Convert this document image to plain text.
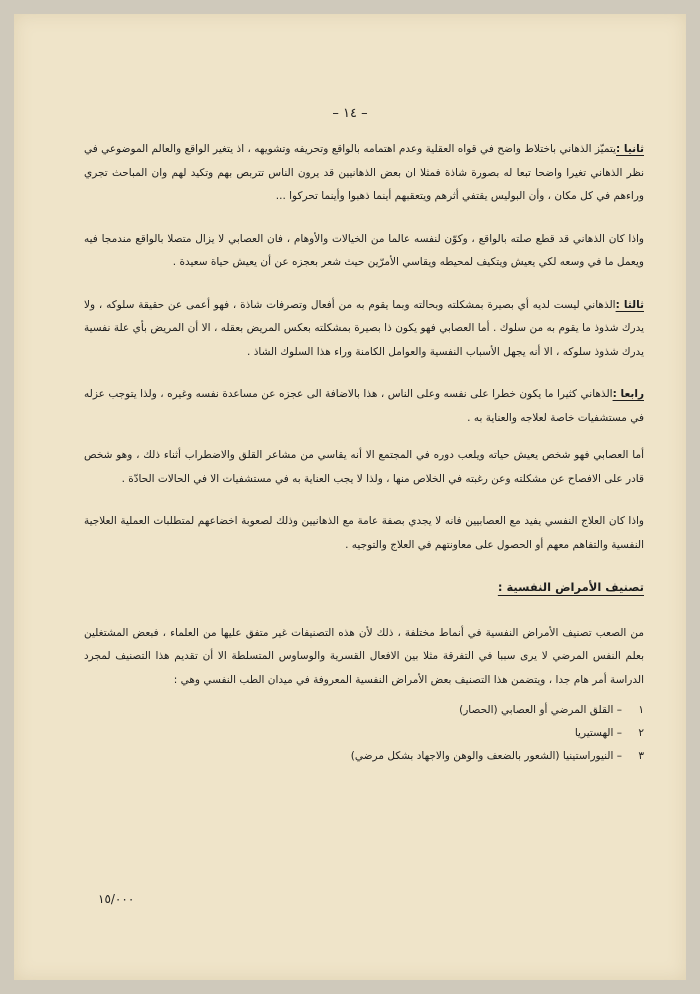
– ١٤ –

ثانيا :يتميّز الذهاني باختلاط واضح في قواه العقلية وعدم اهتمامه بالواقع وتحريفه وتشويهه ، اذ يتغير الواقع والعالم الموضوعي في نظر الذهاني تغيرا واضحا تبعا له بصورة شاذة فمثلا ان بعض الذهانيين قد يرون الناس تتربص بهم وتكيد لهم وان المباحث تجري وراءهم في كل مكان ، وأن البوليس يقتفي أثرهم ويتعقبهم أينما ذهبوا وأينما تحركوا ...

واذا كان الذهاني قد قطع صلته بالواقع ، وكوّن لنفسه عالما من الخيالات والأوهام ، فان العصابي لا يزال متصلا بالواقع مندمجا فيه ويعمل ما في وسعه لكي يعيش ويتكيف لمحيطه ويقاسي الأمرّين حيث شعر بعجزه عن أن يعيش حياة سعيدة .

ثالثا :الذهاني ليست لديه أي بصيرة بمشكلته وبحالته وبما يقوم به من أفعال وتصرفات شاذة ، فهو أعمى عن حقيقة سلوكه ، ولا يدرك شذوذ ما يقوم به من سلوك . أما العصابي فهو يكون ذا بصيرة بمشكلته بعكس المريض بعقله ، الا أن المريض بأي علة نفسية يدرك شذوذ سلوكه ، الا أنه يجهل الأسباب النفسية والعوامل الكامنة وراء هذا السلوك الشاذ .

رابعا :الذهاني كثيرا ما يكون خطرا على نفسه وعلى الناس ، هذا بالاضافة الى عجزه عن مساعدة نفسه وغيره ، ولذا يتوجب عزله في مستشفيات خاصة لعلاجه والعناية به .

أما العصابي فهو شخص يعيش حياته ويلعب دوره في المجتمع الا أنه يقاسي من مشاعر القلق والاضطراب أثناء ذلك ، وهو شخص قادر على الافصاح عن مشكلته وعن رغبته في الخلاص منها ، ولذا لا يجب العناية به في مستشفيات الا في الحالات الحادّة .

واذا كان العلاج النفسي يفيد مع العصابيين فانه لا يجدي بصفة عامة مع الذهانيين وذلك لصعوبة اخضاعهم لمتطلبات العملية العلاجية النفسية والتفاهم معهم أو الحصول على معاونتهم في العلاج والتوجيه .

تصنيف الأمراض النفسية :

من الصعب تصنيف الأمراض النفسية في أنماط مختلفة ، ذلك لأن هذه التصنيفات غير متفق عليها من العلماء ، فبعض المشتغلين بعلم النفس المرضي لا يرى سببا في التفرقة مثلا بين الافعال القسرية والوساوس المتسلطة الا أن تقديم هذا التصنيف لمجرد الدراسة أمر هام جدا ، ويتضمن هذا التصنيف بعض الأمراض النفسية المعروفة في ميدان الطب النفسي وهي :

١– القلق المرضي أو العصابي (الحصار)
٢– الهستيريا
٣– النيوراستينيا (الشعور بالضعف والوهن والاجهاد بشكل مرضي)
١٥/٠٠٠
